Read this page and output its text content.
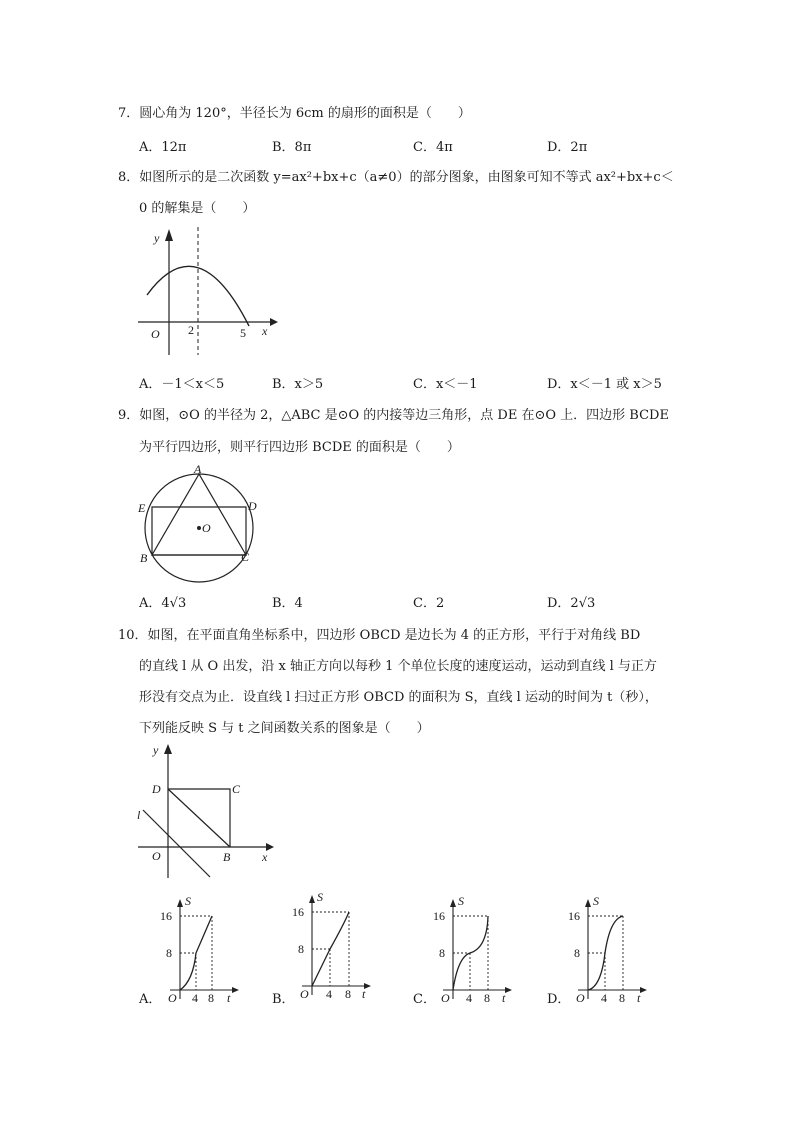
7．圆心角为 120°，半径长为 6cm 的扇形的面积是（　　）
A．12π	B．8π	C．4π	D．2π
8．如图所示的是二次函数 y=ax²+bx+c（a≠0）的部分图象，由图象可知不等式 ax²+bx+c＜
0 的解集是（　　）
y
x
O 2	5
A．－1＜x＜5	B．x＞5	C．x＜－1	D．x＜－1 或 x＞5
9．如图，⊙O 的半径为 2，△ABC 是⊙O 的内接等边三角形，点 DE 在⊙O 上．四边形 BCDE
为平行四边形，则平行四边形 BCDE 的面积是（　　）
A
D
E
B	C
O
A．4√3	B．4	C．2	D．2√3
10．如图，在平面直角坐标系中，四边形 OBCD 是边长为 4 的正方形，平行于对角线 BD
的直线 l 从 O 出发，沿 x 轴正方向以每秒 1 个单位长度的速度运动，运动到直线 l 与正方
形没有交点为止．设直线 l 扫过正方形 OBCD 的面积为 S，直线 l 运动的时间为 t（秒），
下列能反映 S 与 t 之间函数关系的图象是（　　）
y
x
D	C
O	B
l
S
16
8
O 4 8 t
A．
S
16
8
O 4 8 t
B．
S
16
8
O 4 8 t
C．
S
16
8
O 4 8 t
D．
